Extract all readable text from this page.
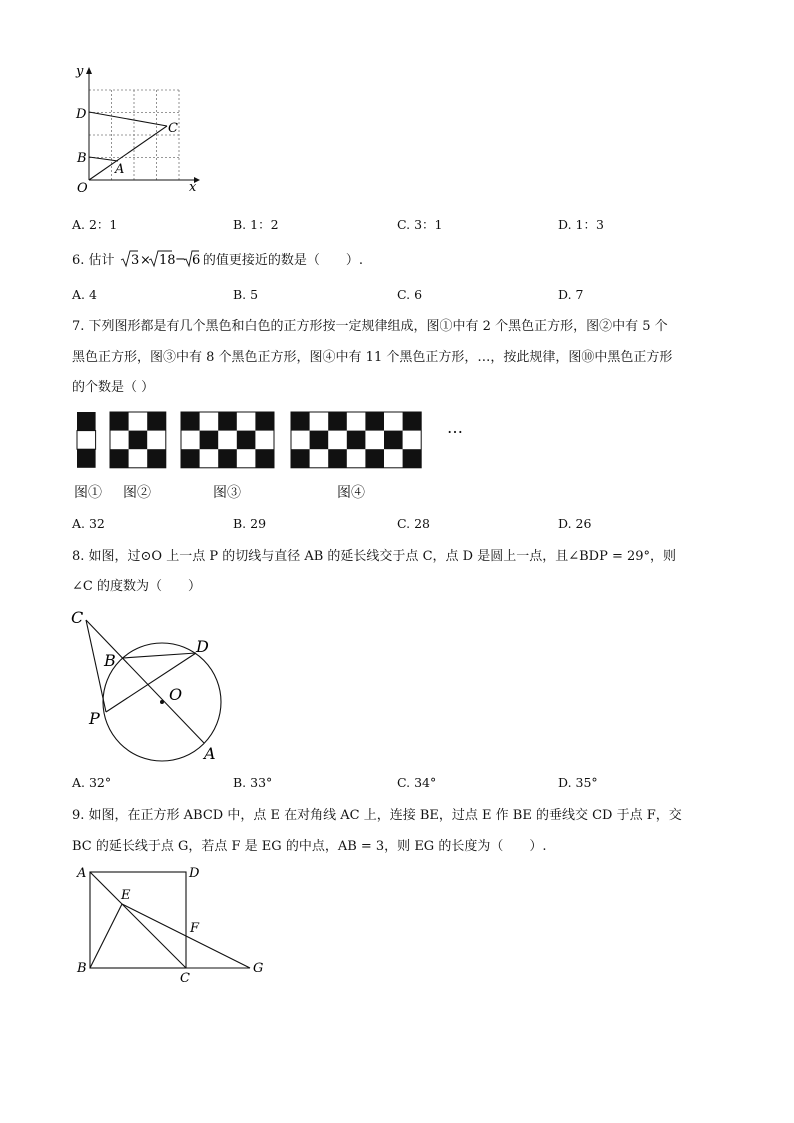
y
x
O
A
B
C
D
A. 2：1	B. 1：2	C. 3：1	D. 1：3
6. 估计 3 × 18 − 6 的值更接近的数是（　　）.
A. 4	B. 5	C. 6	D. 7
7. 下列图形都是有几个黑色和白色的正方形按一定规律组成，图①中有 2 个黑色正方形，图②中有 5 个
黑色正方形，图③中有 8 个黑色正方形，图④中有 11 个黑色正方形，…，按此规律，图⑩中黑色正方形
的个数是（ ）
…
图① 图②	图③	图④
A. 32	B. 29	C. 28	D. 26
8. 如图，过⊙O 上一点 P 的切线与直径 AB 的延长线交于点 C，点 D 是圆上一点，且∠BDP = 29°，则
∠C 的度数为（　　）
C
B
D
O
P
A
A. 32°	B. 33°	C. 34°	D. 35°
9. 如图，在正方形 ABCD 中，点 E 在对角线 AC 上，连接 BE，过点 E 作 BE 的垂线交 CD 于点 F，交
BC 的延长线于点 G，若点 F 是 EG 的中点，AB = 3，则 EG 的长度为（　　）.
A	D
E
F
B
C
G
